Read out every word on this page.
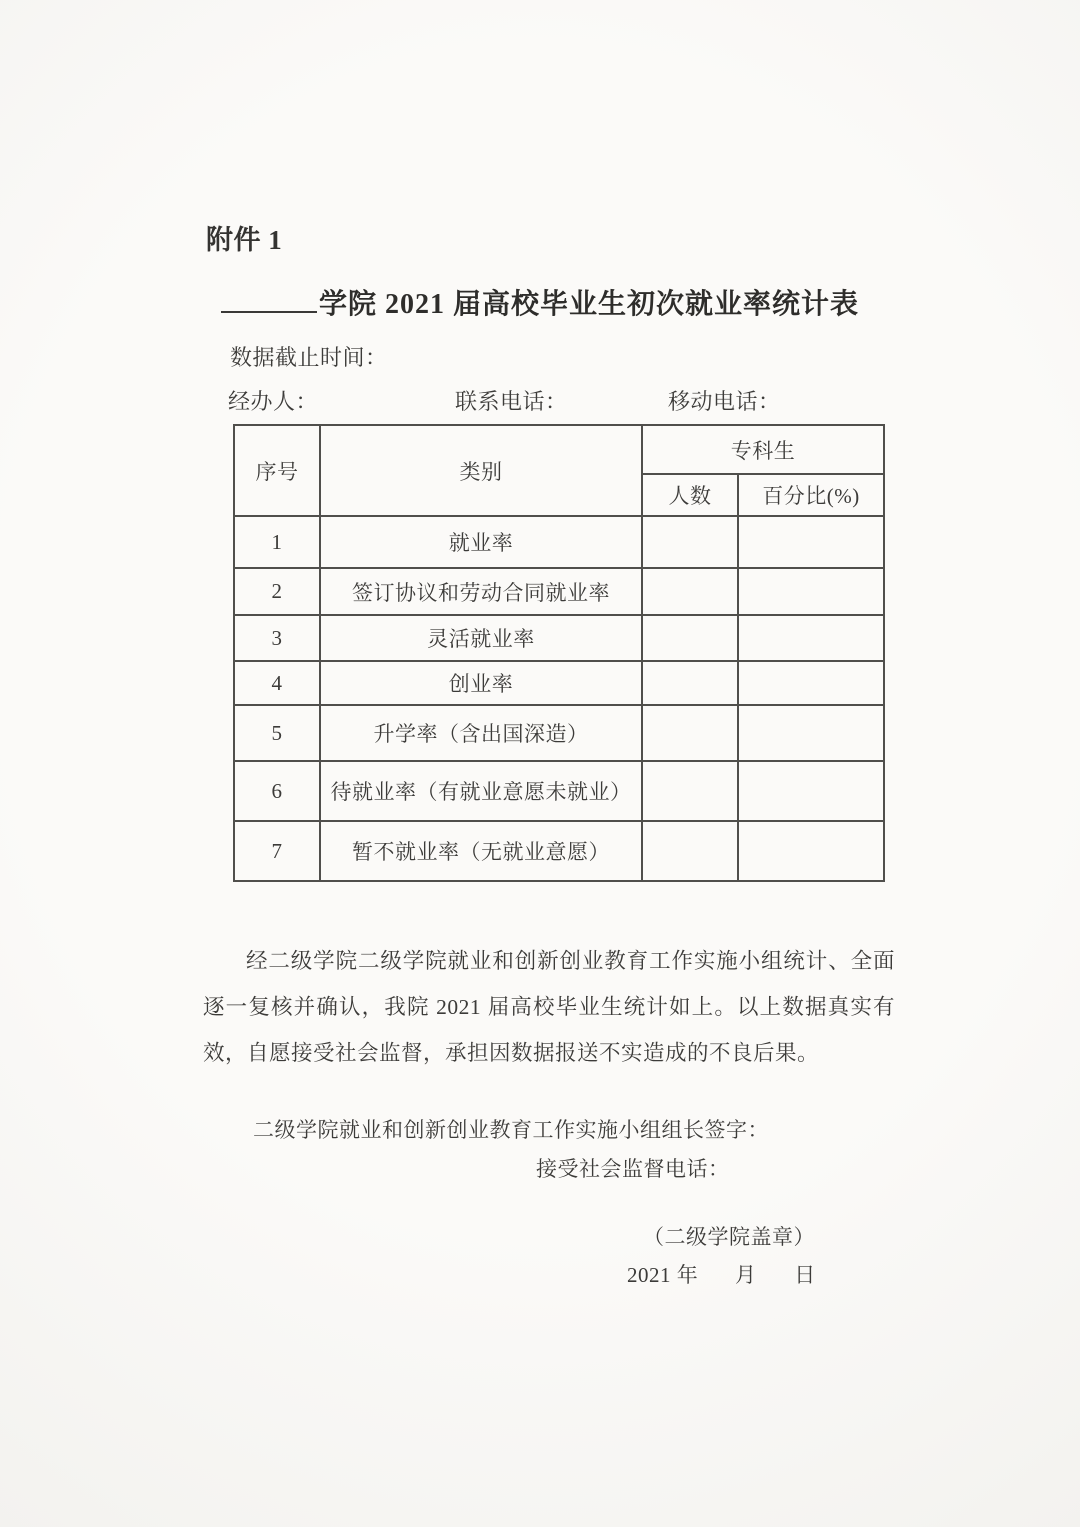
附件 1
学院 2021 届高校毕业生初次就业率统计表
数据截止时间：
经办人：	联系电话：	移动电话：
序号	类别	专科生	
		人数	百分比(%)
1	就业率		
2	签订协议和劳动合同就业率		
3	灵活就业率		
4	创业率		
5	升学率（含出国深造）		
6	待就业率（有就业意愿未就业）		
7	暂不就业率（无就业意愿）		

经二级学院二级学院就业和创新创业教育工作实施小组统计、全面逐一复核并确认，我院 2021 届高校毕业生统计如上。以上数据真实有效，自愿接受社会监督，承担因数据报送不实造成的不良后果。

二级学院就业和创新创业教育工作实施小组组长签字：
接受社会监督电话：
（二级学院盖章）
2021 年 月 日
